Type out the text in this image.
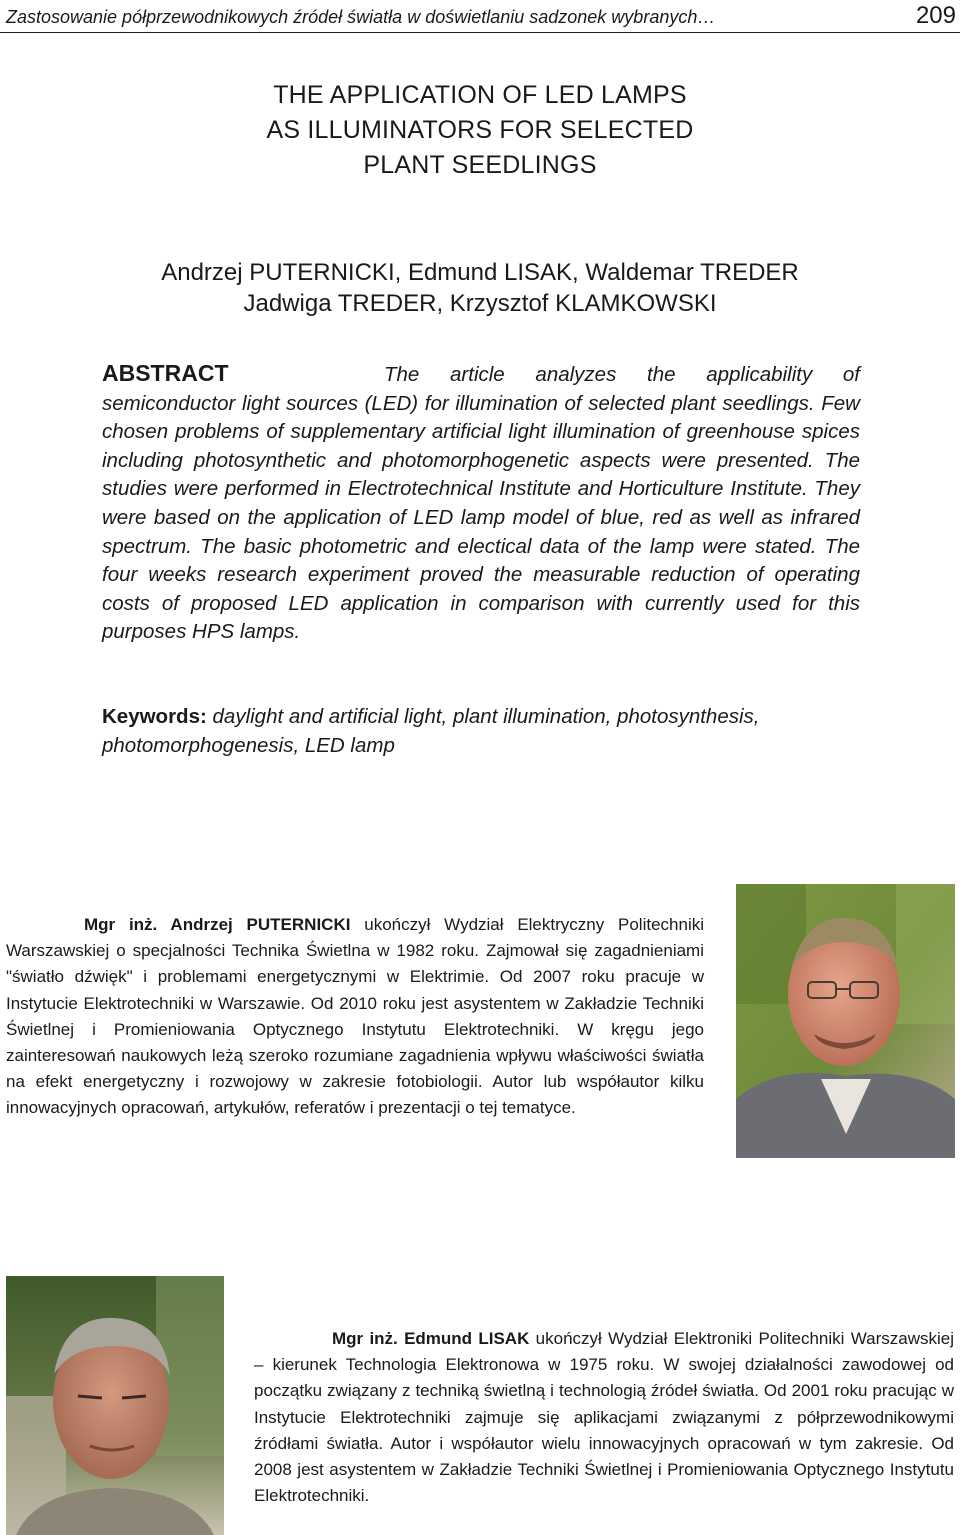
Zastosowanie półprzewodnikowych źródeł światła w doświetlaniu sadzonek wybranych…	209
THE APPLICATION OF LED LAMPS
AS ILLUMINATORS FOR SELECTED
PLANT SEEDLINGS
Andrzej PUTERNICKI, Edmund LISAK, Waldemar TREDER
Jadwiga TREDER, Krzysztof KLAMKOWSKI
ABSTRACT	The article analyzes the applicability of semiconductor light sources (LED) for illumination of selected plant seedlings. Few chosen problems of supplementary artificial light illumination of greenhouse spices including photosynthetic and photomorphogenetic aspects were presented. The studies were performed in Electrotechnical Institute and Horticulture Institute. They were based on the application of LED lamp model of blue, red as well as infrared spectrum. The basic photometric and electical data of the lamp were stated. The four weeks research experiment proved the measurable reduction of operating costs of proposed LED application in comparison with currently used for this purposes HPS lamps.
Keywords: daylight and artificial light, plant illumination, photosynthesis, photomorphogenesis, LED lamp
Mgr inż. Andrzej PUTERNICKI ukończył Wydział Elektryczny Politechniki Warszawskiej o specjalności Technika Świetlna w 1982 roku. Zajmował się zagadnieniami "światło dźwięk" i problemami energetycznymi w Elektrimie. Od 2007 roku pracuje w Instytucie Elektrotechniki w Warszawie. Od 2010 roku jest asystentem w Zakładzie Techniki Świetlnej i Promieniowania Optycznego Instytutu Elektrotechniki. W kręgu jego zainteresowań naukowych leżą szeroko rozumiane zagadnienia wpływu właściwości światła na efekt energetyczny i rozwojowy w zakresie fotobiologii. Autor lub współautor kilku innowacyjnych opracowań, artykułów, referatów i prezentacji o tej tematyce.
Mgr inż. Edmund LISAK ukończył Wydział Elektroniki Politechniki Warszawskiej – kierunek Technologia Elektronowa w 1975 roku. W swojej działalności zawodowej od początku związany z techniką świetlną i technologią źródeł światła. Od 2001 roku pracując w Instytucie Elektrotechniki zajmuje się aplikacjami związanymi z półprzewodnikowymi źródłami światła. Autor i współautor wielu innowacyjnych opracowań w tym zakresie. Od 2008 jest asystentem w Zakładzie Techniki Świetlnej i Promieniowania Optycznego Instytutu Elektrotechniki.
